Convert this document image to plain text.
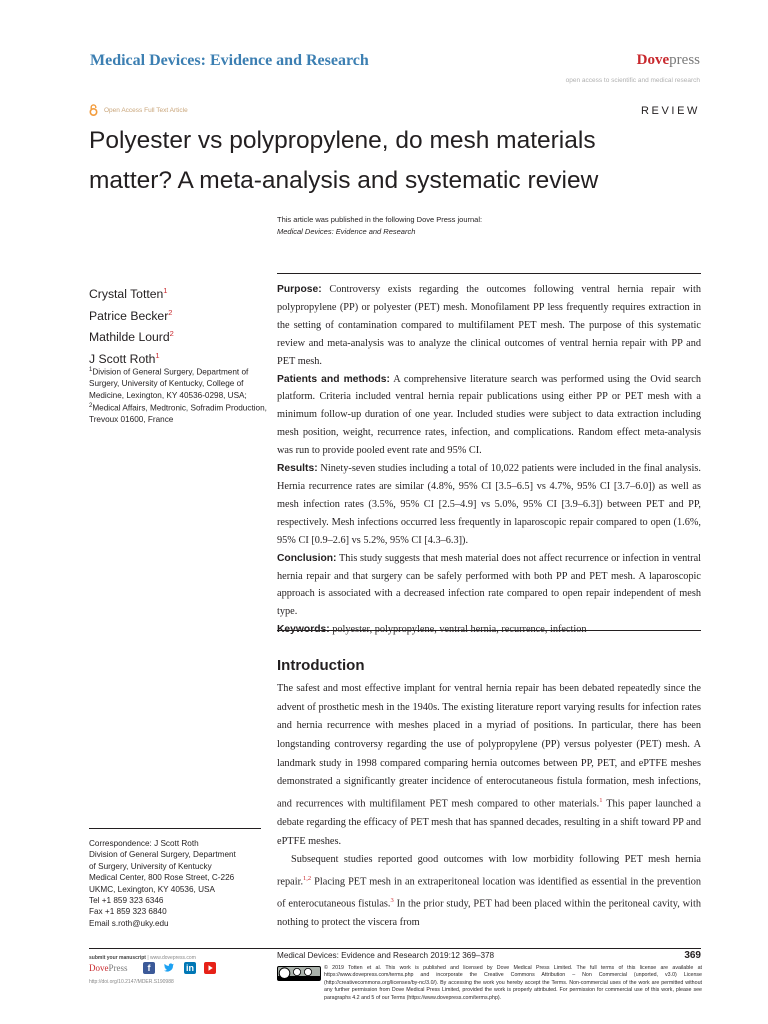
Medical Devices: Evidence and Research	Dovepress
open access to scientific and medical research
Open Access Full Text Article	REVIEW
Polyester vs polypropylene, do mesh materials
matter? A meta-analysis and systematic review
This article was published in the following Dove Press journal:
Medical Devices: Evidence and Research
Crystal Totten$^1$
Patrice Becker$^2$
Mathilde Lourd$^2$
J Scott Roth$^1$
$^1$Division of General Surgery, Department of Surgery, University of Kentucky, College of Medicine, Lexington, KY 40536-0298, USA;
$^2$Medical Affairs, Medtronic, Sofradim Production, Trevoux 01600, France

Purpose: Controversy exists regarding the outcomes following ventral hernia repair with polypropylene (PP) or polyester (PET) mesh. Monofilament PP less frequently requires extraction in the setting of contamination compared to multifilament PET mesh. The purpose of this systematic review and meta-analysis was to analyze the clinical outcomes of ventral hernia repair with PP and PET mesh.

Patients and methods: A comprehensive literature search was performed using the Ovid search platform. Criteria included ventral hernia repair publications using either PP or PET mesh with a minimum follow-up duration of one year. Included studies were subject to data extraction including mesh position, weight, recurrence rates, infection, and complications. Random effect meta-analysis was run to provide pooled event rate and 95% CI.

Results: Ninety-seven studies including a total of 10,022 patients were included in the final analysis. Hernia recurrence rates are similar (4.8%, 95% CI [3.5–6.5] vs 4.7%, 95% CI [3.7–6.0]) as well as mesh infection rates (3.5%, 95% CI [2.5–4.9] vs 5.0%, 95% CI [3.9–6.3]) between PET and PP, respectively. Mesh infections occurred less frequently in laparoscopic repair compared to open (1.6%, 95% CI [0.9–2.6] vs 5.2%, 95% CI [4.3–6.3]).

Conclusion: This study suggests that mesh material does not affect recurrence or infection in ventral hernia repair and that surgery can be safely performed with both PP and PET mesh. A laparoscopic approach is associated with a decreased infection rate compared to open repair independent of mesh type.

Keywords: polyester, polypropylene, ventral hernia, recurrence, infection

Introduction

The safest and most effective implant for ventral hernia repair has been debated repeatedly since the advent of prosthetic mesh in the 1940s. The existing literature report varying results for infection rates and hernia recurrence with meshes placed in a myriad of positions. In particular, there has been longstanding controversy regarding the use of polypropylene (PP) versus polyester (PET) mesh. A landmark study in 1998 compared comparing hernia outcomes between PP, PET, and ePTFE meshes demonstrated a significantly greater incidence of enterocutaneous fistula formation, mesh infections, and recurrences with multifilament PET mesh compared to other materials.$^1$ This paper launched a debate regarding the efficacy of PET mesh that has spanned decades, resulting in a shift toward PP and ePTFE meshes.

Subsequent studies reported good outcomes with low morbidity following PET mesh hernia repair.$^{1,2}$ Placing PET mesh in an extraperitoneal location was identified as essential in the prevention of enterocutaneous fistulas.$^3$ In the prior study, PET had been placed within the peritoneal cavity, with nothing to protect the viscera from

Correspondence: J Scott Roth
Division of General Surgery, Department
of Surgery, University of Kentucky
Medical Center, 800 Rose Street, C-226
UKMC, Lexington, KY 40536, USA
Tel +1 859 323 6346
Fax +1 859 323 6840
Email s.roth@uky.edu
submit your manuscript | www.dovepress.com
DovePress	f	in
http://doi.org/10.2147/MDER.S190988
Medical Devices: Evidence and Research 2019:12 369–378	369
© 2019 Totten et al. This work is published and licensed by Dove Medical Press Limited. The full terms of this license are available at https://www.dovepress.com/terms.php and incorporate the Creative Commons Attribution – Non Commercial (unported, v3.0) License (http://creativecommons.org/licenses/by-nc/3.0/). By accessing the work you hereby accept the Terms. Non-commercial uses of the work are permitted without any further permission from Dove Medical Press Limited, provided the work is properly attributed. For permission for commercial use of this work, please see paragraphs 4.2 and 5 of our Terms (https://www.dovepress.com/terms.php).
